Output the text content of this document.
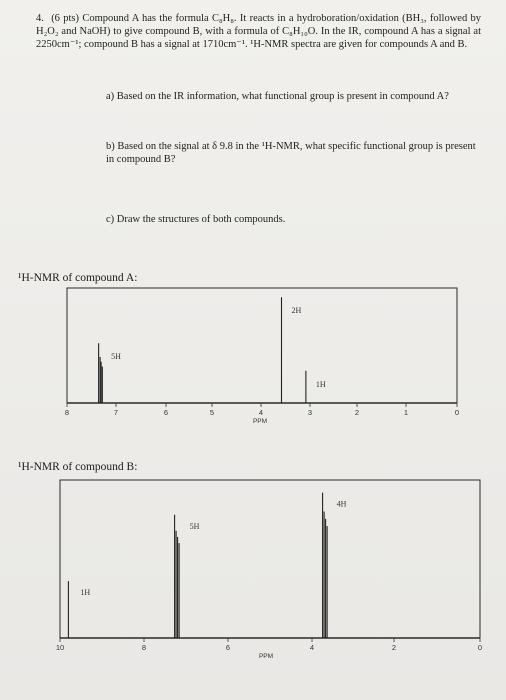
4. (6 pts) Compound A has the formula C₈H₈. It reacts in a hydroboration/oxidation (BH₃, followed by H₂O₂ and NaOH) to give compound B, with a formula of C₈H₁₀O. In the IR, compound A has a signal at 2250cm⁻¹; compound B has a signal at 1710cm⁻¹. ¹H-NMR spectra are given for compounds A and B.
a) Based on the IR information, what functional group is present in compound A?
b) Based on the signal at δ 9.8 in the ¹H-NMR, what specific functional group is present in compound B?
c) Draw the structures of both compounds.
¹H-NMR of compound A:
¹H-NMR of compound B:
8	7	6	5	4	3	2	1	0
PPM
5H
2H
1H
10	8	6	4	2	0
PPM
1H
5H
4H
